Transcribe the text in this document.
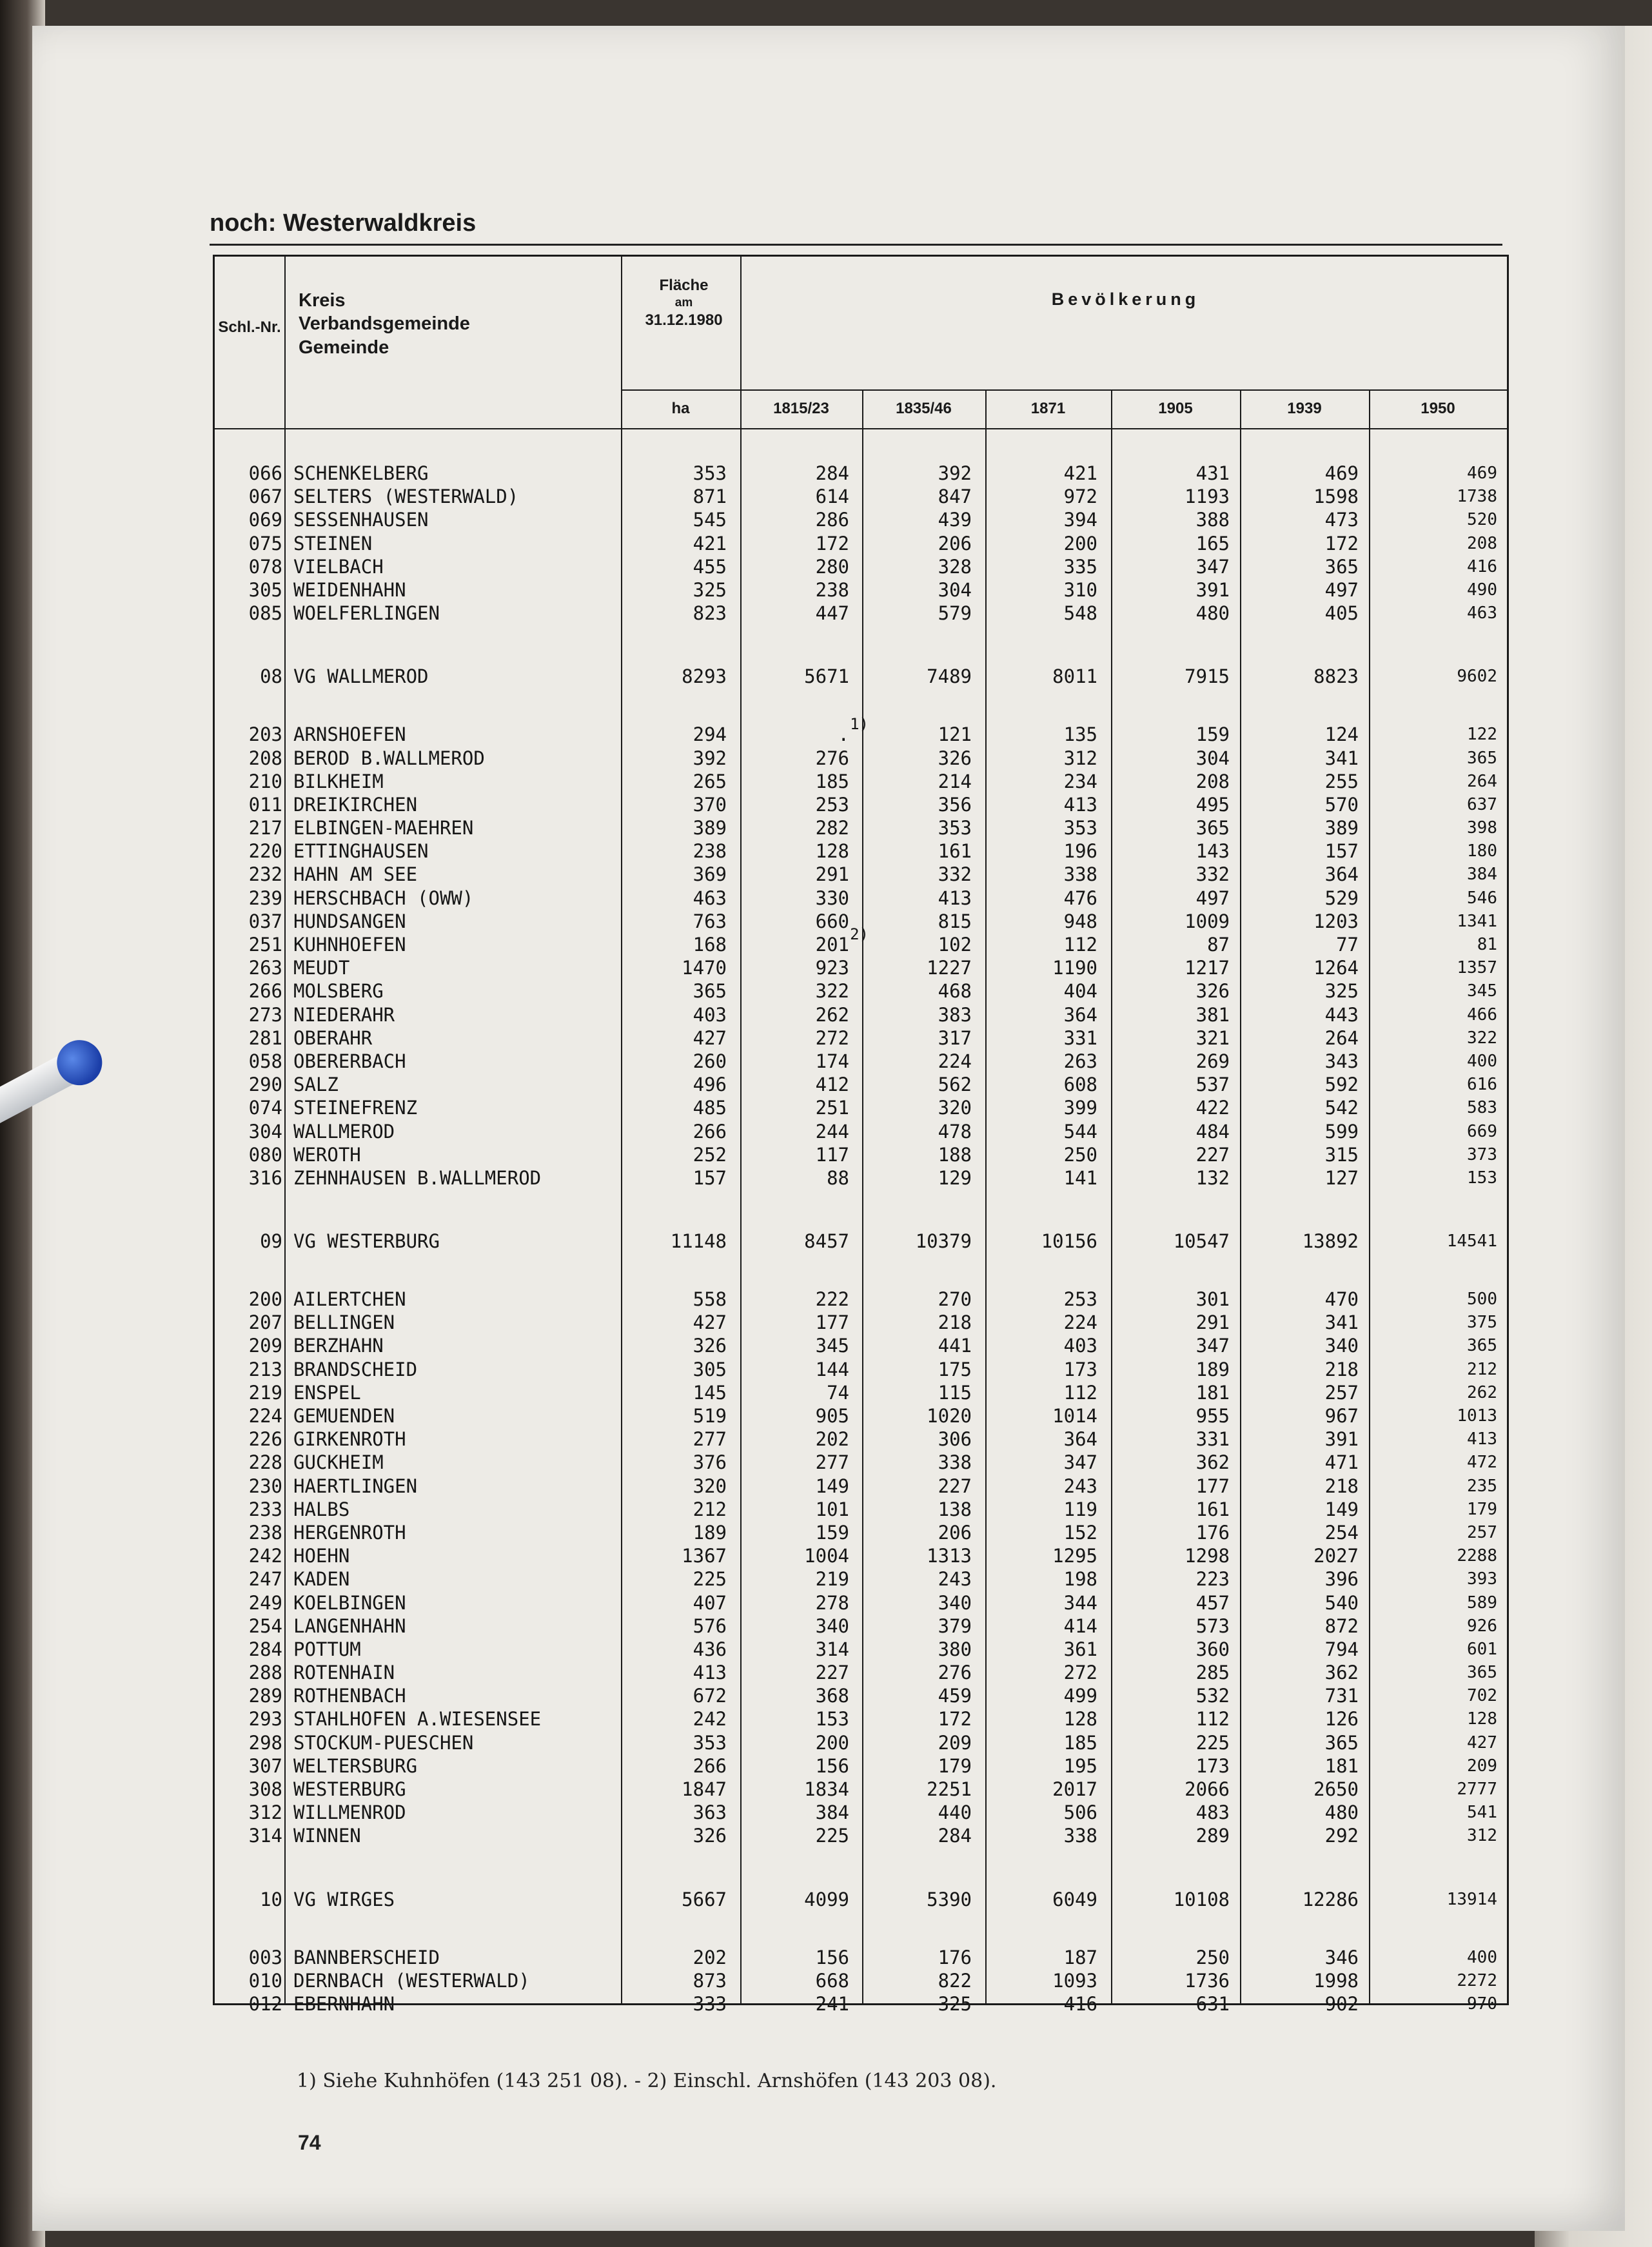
noch: Westerwaldkreis
Schl.-Nr.
Kreis
Verbandsgemeinde
Gemeinde
Fläche
am
31.12.1980
Bevölkerung
ha	1815/23	1835/46	1871	1905	1939	1950
066 SCHENKELBERG	353	284	392	421	431	469	469
067 SELTERS (WESTERWALD)	871	614	847	972	1193	1598	1738
069 SESSENHAUSEN	545	286	439	394	388	473	520
075 STEINEN	421	172	206	200	165	172	208
078 VIELBACH	455	280	328	335	347	365	416
305 WEIDENHAHN	325	238	304	310	391	497	490
085 WOELFERLINGEN	823	447	579	548	480	405	463
08 VG WALLMEROD	8293	5671	7489	8011	7915	8823	9602
203 ARNSHOEFEN	294	. 1)	121	135	159	124	122
208 BEROD B.WALLMEROD	392	276	326	312	304	341	365
210 BILKHEIM	265	185	214	234	208	255	264
011 DREIKIRCHEN	370	253	356	413	495	570	637
217 ELBINGEN-MAEHREN	389	282	353	353	365	389	398
220 ETTINGHAUSEN	238	128	161	196	143	157	180
232 HAHN AM SEE	369	291	332	338	332	364	384
239 HERSCHBACH (OWW)	463	330	413	476	497	529	546
037 HUNDSANGEN	763	660	815	948	1009	1203	1341
251 KUHNHOEFEN	168	201 2)	102	112	87	77	81
263 MEUDT	1470	923	1227	1190	1217	1264	1357
266 MOLSBERG	365	322	468	404	326	325	345
273 NIEDERAHR	403	262	383	364	381	443	466
281 OBERAHR	427	272	317	331	321	264	322
058 OBERERBACH	260	174	224	263	269	343	400
290 SALZ	496	412	562	608	537	592	616
074 STEINEFRENZ	485	251	320	399	422	542	583
304 WALLMEROD	266	244	478	544	484	599	669
080 WEROTH	252	117	188	250	227	315	373
316 ZEHNHAUSEN B.WALLMEROD	157	88	129	141	132	127	153
09 VG WESTERBURG	11148	8457	10379	10156	10547	13892	14541
200 AILERTCHEN	558	222	270	253	301	470	500
207 BELLINGEN	427	177	218	224	291	341	375
209 BERZHAHN	326	345	441	403	347	340	365
213 BRANDSCHEID	305	144	175	173	189	218	212
219 ENSPEL	145	74	115	112	181	257	262
224 GEMUENDEN	519	905	1020	1014	955	967	1013
226 GIRKENROTH	277	202	306	364	331	391	413
228 GUCKHEIM	376	277	338	347	362	471	472
230 HAERTLINGEN	320	149	227	243	177	218	235
233 HALBS	212	101	138	119	161	149	179
238 HERGENROTH	189	159	206	152	176	254	257
242 HOEHN	1367	1004	1313	1295	1298	2027	2288
247 KADEN	225	219	243	198	223	396	393
249 KOELBINGEN	407	278	340	344	457	540	589
254 LANGENHAHN	576	340	379	414	573	872	926
284 POTTUM	436	314	380	361	360	794	601
288 ROTENHAIN	413	227	276	272	285	362	365
289 ROTHENBACH	672	368	459	499	532	731	702
293 STAHLHOFEN A.WIESENSEE	242	153	172	128	112	126	128
298 STOCKUM-PUESCHEN	353	200	209	185	225	365	427
307 WELTERSBURG	266	156	179	195	173	181	209
308 WESTERBURG	1847	1834	2251	2017	2066	2650	2777
312 WILLMENROD	363	384	440	506	483	480	541
314 WINNEN	326	225	284	338	289	292	312
10 VG WIRGES	5667	4099	5390	6049	10108	12286	13914
003 BANNBERSCHEID	202	156	176	187	250	346	400
010 DERNBACH (WESTERWALD)	873	668	822	1093	1736	1998	2272
012 EBERNHAHN	333	241	325	416	631	902	970
1) Siehe Kuhnhöfen (143 251 08). - 2) Einschl. Arnshöfen (143 203 08).
74
